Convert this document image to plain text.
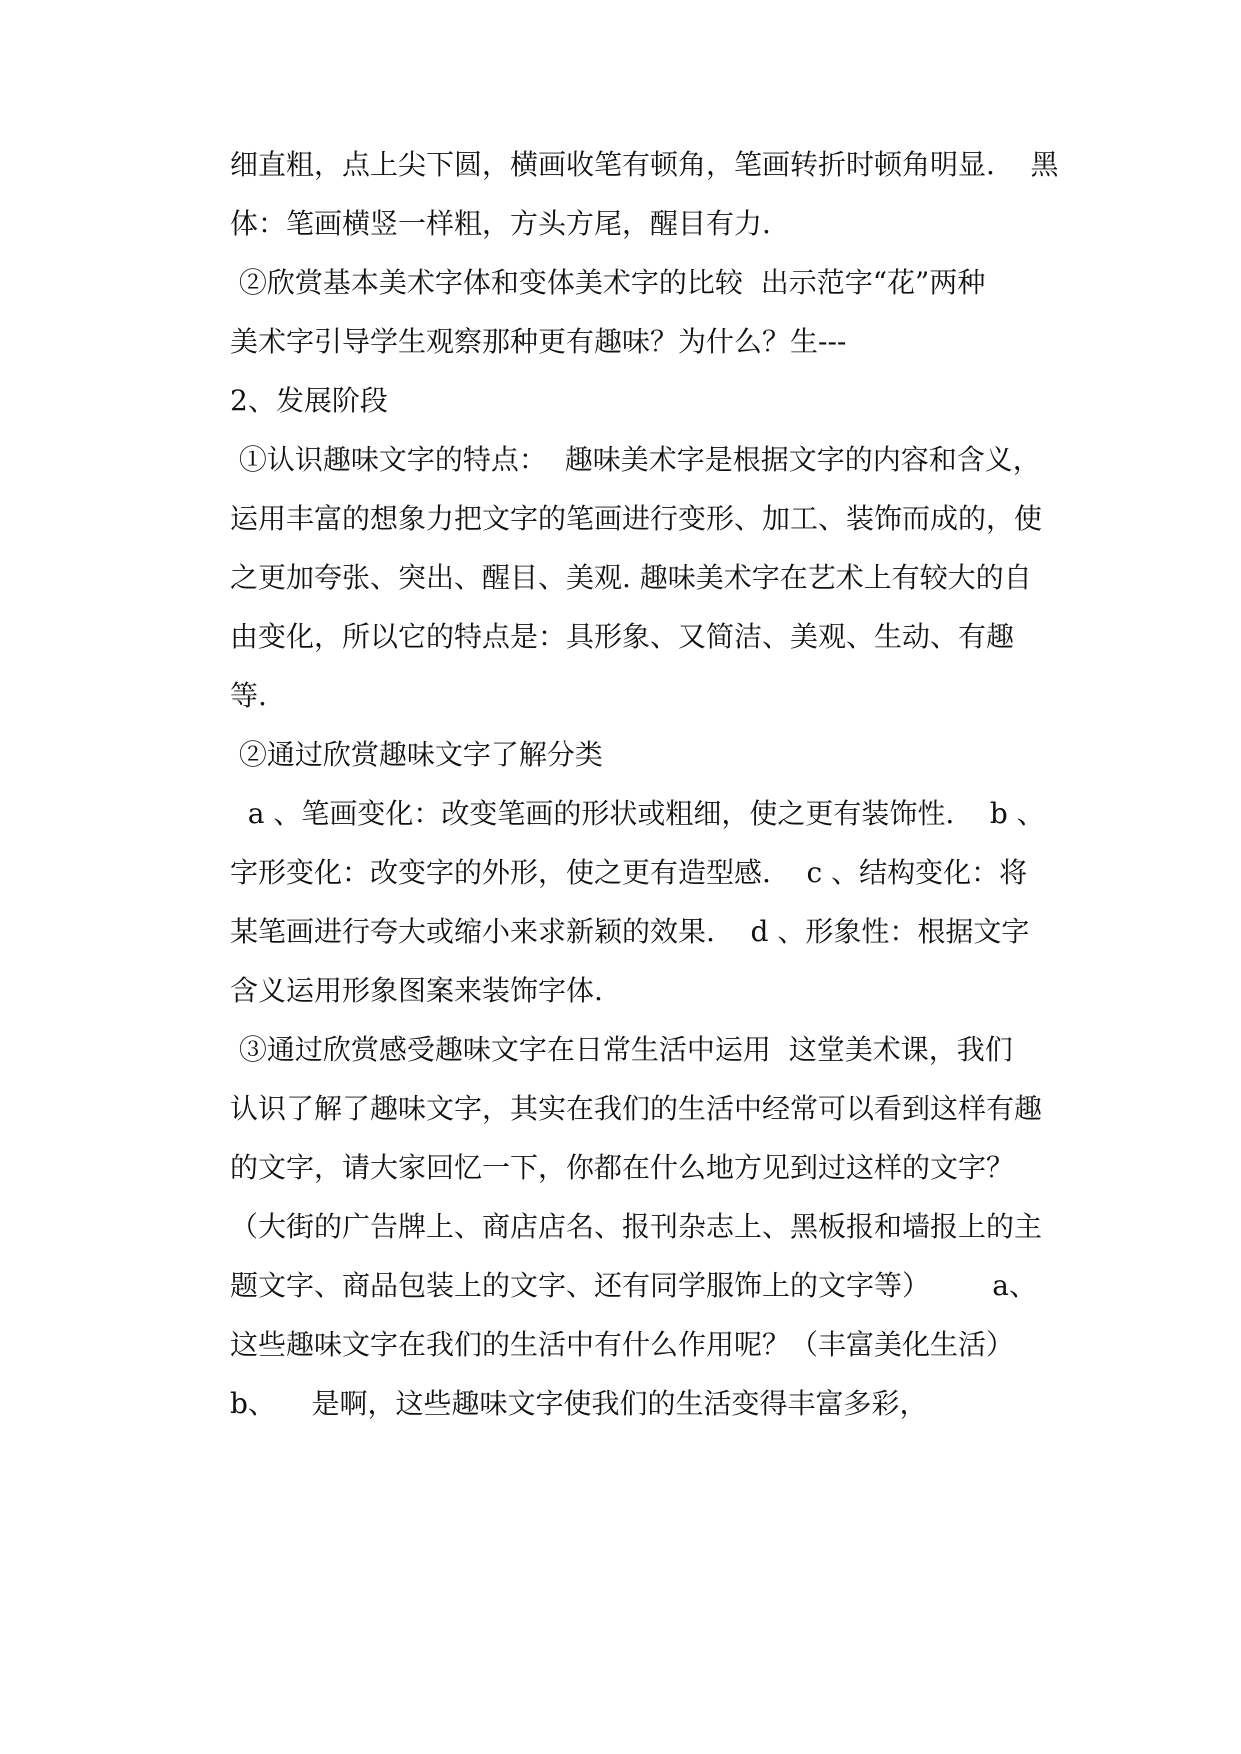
细直粗，点上尖下圆，横画收笔有顿角，笔画转折时顿角明显.    黑
体：笔画横竖一样粗，方头方尾，醒目有力.
②欣赏基本美术字体和变体美术字的比较  出示范字“花”两种
美术字引导学生观察那种更有趣味？为什么？生---
2、发展阶段
①认识趣味文字的特点：  趣味美术字是根据文字的内容和含义，
运用丰富的想象力把文字的笔画进行变形、加工、装饰而成的，使
之更加夸张、突出、醒目、美观. 趣味美术字在艺术上有较大的自
由变化，所以它的特点是：具形象、又简洁、美观、生动、有趣
等.
②通过欣赏趣味文字了解分类
a 、笔画变化：改变笔画的形状或粗细，使之更有装饰性.    b 、
字形变化：改变字的外形，使之更有造型感.    c 、结构变化：将
某笔画进行夸大或缩小来求新颖的效果.    d 、形象性：根据文字
含义运用形象图案来装饰字体.
③通过欣赏感受趣味文字在日常生活中运用  这堂美术课，我们
认识了解了趣味文字，其实在我们的生活中经常可以看到这样有趣
的文字，请大家回忆一下，你都在什么地方见到过这样的文字？
（大街的广告牌上、商店店名、报刊杂志上、黑板报和墙报上的主
题文字、商品包装上的文字、还有同学服饰上的文字等）       a、
这些趣味文字在我们的生活中有什么作用呢？（丰富美化生活）
b、    是啊，这些趣味文字使我们的生活变得丰富多彩，
